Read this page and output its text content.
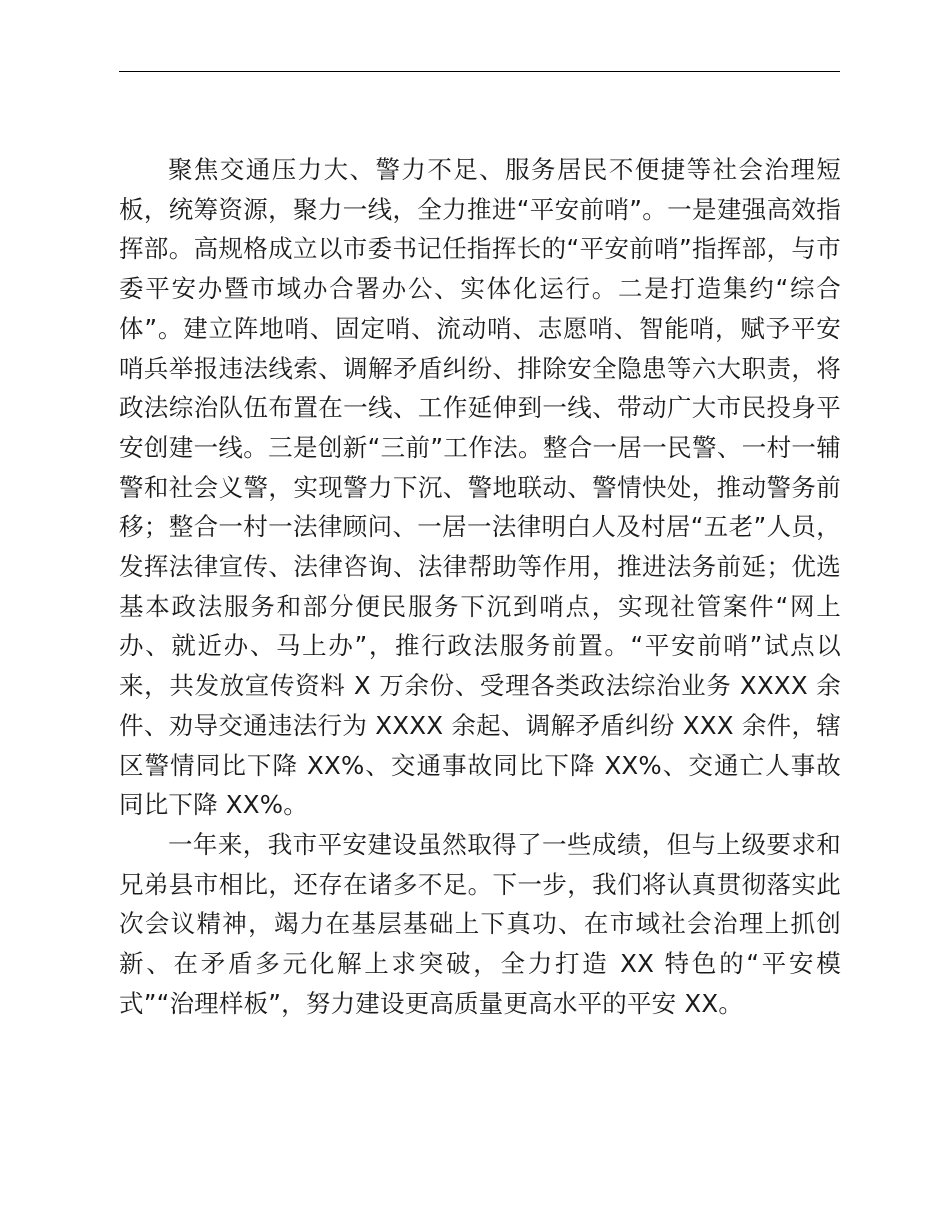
聚焦交通压力大、警力不足、服务居民不便捷等社会治理短板，统筹资源，聚力一线，全力推进“平安前哨”。一是建强高效指挥部。高规格成立以市委书记任指挥长的“平安前哨”指挥部，与市委平安办暨市域办合署办公、实体化运行。二是打造集约“综合体”。建立阵地哨、固定哨、流动哨、志愿哨、智能哨，赋予平安哨兵举报违法线索、调解矛盾纠纷、排除安全隐患等六大职责，将政法综治队伍布置在一线、工作延伸到一线、带动广大市民投身平安创建一线。三是创新“三前”工作法。整合一居一民警、一村一辅警和社会义警，实现警力下沉、警地联动、警情快处，推动警务前移；整合一村一法律顾问、一居一法律明白人及村居“五老”人员，发挥法律宣传、法律咨询、法律帮助等作用，推进法务前延；优选基本政法服务和部分便民服务下沉到哨点，实现社管案件“网上办、就近办、马上办”，推行政法服务前置。“平安前哨”试点以来，共发放宣传资料 X 万余份、受理各类政法综治业务 XXXX 余件、劝导交通违法行为 XXXX 余起、调解矛盾纠纷 XXX 余件，辖区警情同比下降 XX%、交通事故同比下降 XX%、交通亡人事故同比下降 XX%。

一年来，我市平安建设虽然取得了一些成绩，但与上级要求和兄弟县市相比，还存在诸多不足。下一步，我们将认真贯彻落实此次会议精神，竭力在基层基础上下真功、在市域社会治理上抓创新、在矛盾多元化解上求突破，全力打造 XX 特色的“平安模式”“治理样板”，努力建设更高质量更高水平的平安 XX。
